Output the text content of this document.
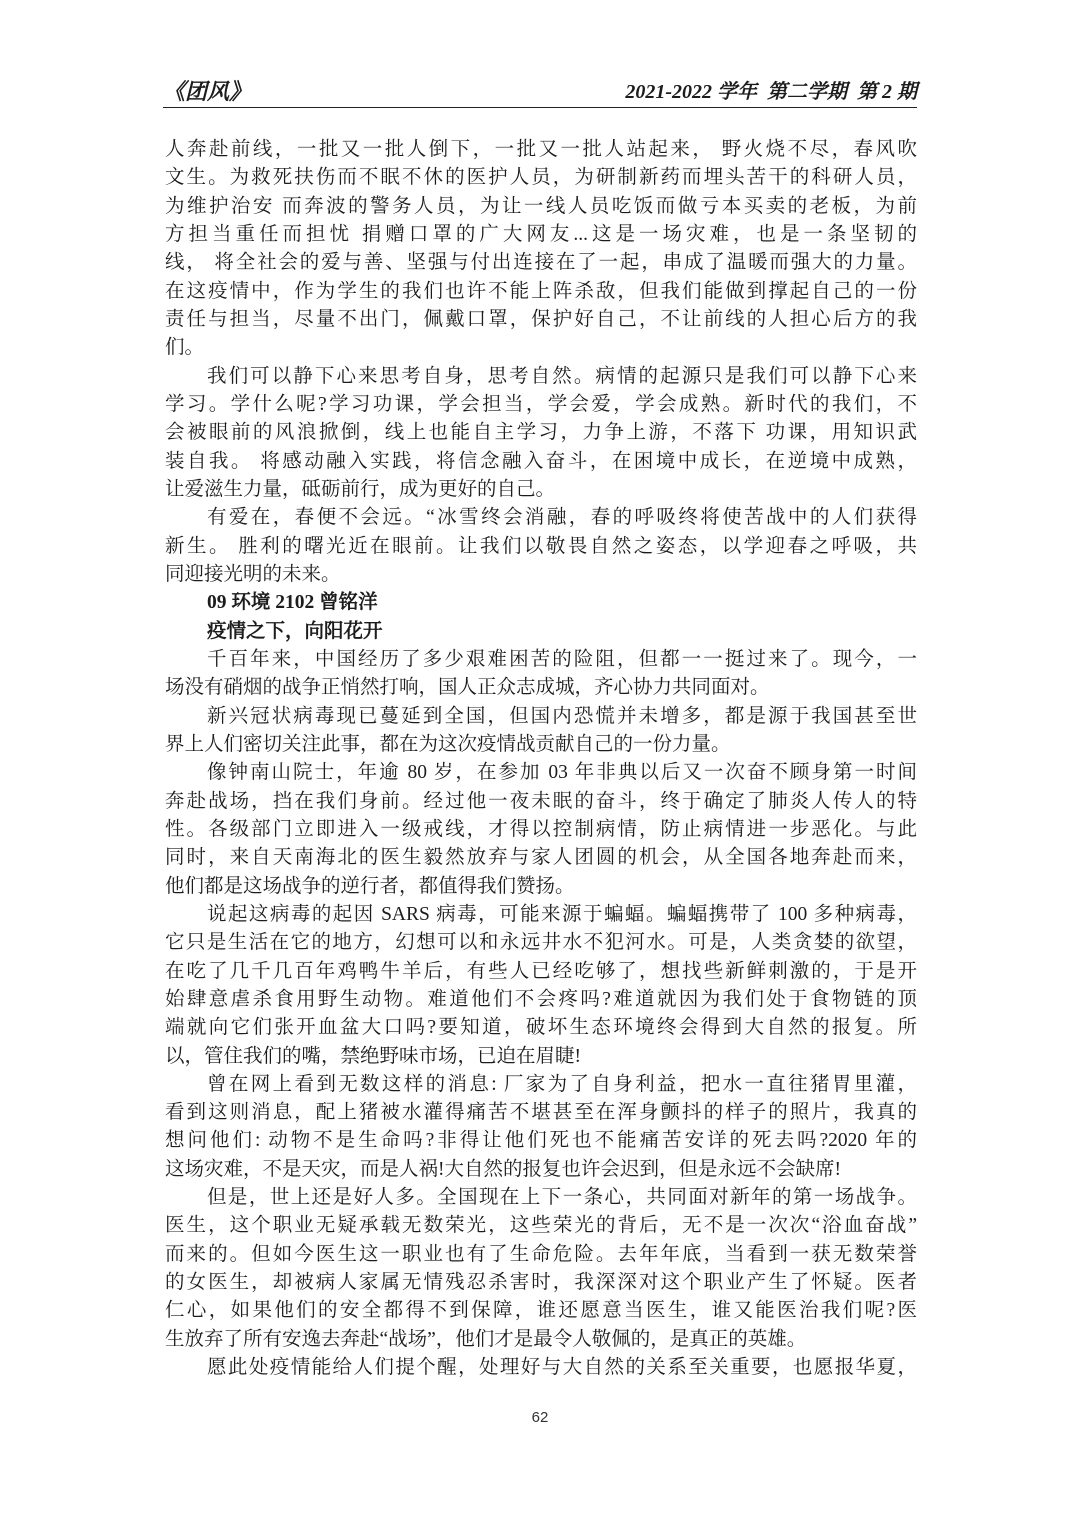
《团风》	2021-2022 学年  第二学期  第 2 期
人奔赴前线，一批又一批人倒下，一批又一批人站起来， 野火烧不尽，春风吹
文生。为救死扶伤而不眠不休的医护人员，为研制新药而埋头苦干的科研人员，
为维护治安 而奔波的警务人员，为让一线人员吃饭而做亏本买卖的老板，为前
方担当重任而担忧 捐赠口罩的广大网友...这是一场灾难，也是一条坚韧的
线， 将全社会的爱与善、坚强与付出连接在了一起，串成了温暖而强大的力量。
在这疫情中，作为学生的我们也许不能上阵杀敌，但我们能做到撑起自己的一份
责任与担当，尽量不出门，佩戴口罩，保护好自己，不让前线的人担心后方的我
们。
我们可以静下心来思考自身，思考自然。病情的起源只是我们可以静下心来
学习。学什么呢?学习功课，学会担当，学会爱，学会成熟。新时代的我们，不
会被眼前的风浪掀倒，线上也能自主学习，力争上游，不落下 功课，用知识武
装自我。 将感动融入实践，将信念融入奋斗，在困境中成长，在逆境中成熟，
让爱滋生力量，砥砺前行，成为更好的自己。
有爱在，春便不会远。“冰雪终会消融，春的呼吸终将使苦战中的人们获得
新生。 胜利的曙光近在眼前。让我们以敬畏自然之姿态，以学迎春之呼吸，共
同迎接光明的未来。
09 环境 2102 曾铭洋
疫情之下，向阳花开
千百年来，中国经历了多少艰难困苦的险阻，但都一一挺过来了。现今，一
场没有硝烟的战争正悄然打响，国人正众志成城，齐心协力共同面对。
新兴冠状病毒现已蔓延到全国，但国内恐慌并未增多，都是源于我国甚至世
界上人们密切关注此事，都在为这次疫情战贡献自己的一份力量。
像钟南山院士，年逾 80 岁，在参加 03 年非典以后又一次奋不顾身第一时间
奔赴战场，挡在我们身前。经过他一夜未眠的奋斗，终于确定了肺炎人传人的特
性。各级部门立即进入一级戒线，才得以控制病情，防止病情进一步恶化。与此
同时，来自天南海北的医生毅然放弃与家人团圆的机会，从全国各地奔赴而来，
他们都是这场战争的逆行者，都值得我们赞扬。
说起这病毒的起因 SARS 病毒，可能来源于蝙蝠。蝙蝠携带了 100 多种病毒，
它只是生活在它的地方，幻想可以和永远井水不犯河水。可是，人类贪婪的欲望，
在吃了几千几百年鸡鸭牛羊后，有些人已经吃够了，想找些新鲜刺激的，于是开
始肆意虐杀食用野生动物。难道他们不会疼吗?难道就因为我们处于食物链的顶
端就向它们张开血盆大口吗?要知道，破坏生态环境终会得到大自然的报复。所
以，管住我们的嘴，禁绝野味市场，已迫在眉睫!
曾在网上看到无数这样的消息: 厂家为了自身利益，把水一直往猪胃里灌，
看到这则消息，配上猪被水灌得痛苦不堪甚至在浑身颤抖的样子的照片，我真的
想问他们: 动物不是生命吗?非得让他们死也不能痛苦安详的死去吗?2020 年的
这场灾难，不是天灾，而是人祸!大自然的报复也许会迟到，但是永远不会缺席!
但是，世上还是好人多。全国现在上下一条心，共同面对新年的第一场战争。
医生，这个职业无疑承载无数荣光，这些荣光的背后，无不是一次次“浴血奋战”
而来的。但如今医生这一职业也有了生命危险。去年年底，当看到一获无数荣誉
的女医生，却被病人家属无情残忍杀害时，我深深对这个职业产生了怀疑。医者
仁心，如果他们的安全都得不到保障，谁还愿意当医生，谁又能医治我们呢?医
生放弃了所有安逸去奔赴“战场”，他们才是最令人敬佩的，是真正的英雄。
愿此处疫情能给人们提个醒，处理好与大自然的关系至关重要，也愿报华夏，
62
